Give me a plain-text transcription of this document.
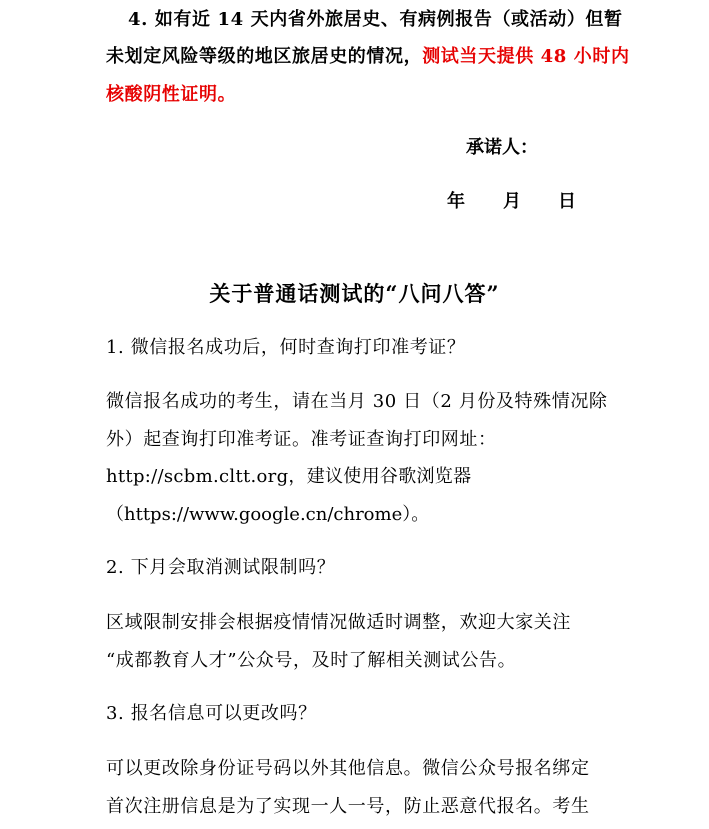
4. 如有近 14 天内省外旅居史、有病例报告（或活动）但暂
未划定风险等级的地区旅居史的情况，测试当天提供 48 小时内
核酸阴性证明。
承诺人：
年 月 日
关于普通话测试的“八问八答”
1. 微信报名成功后，何时查询打印准考证？
微信报名成功的考生，请在当月 30 日（2 月份及特殊情况除
外）起查询打印准考证。准考证查询打印网址：
http://scbm.cltt.org，建议使用谷歌浏览器
（https://www.google.cn/chrome）。
2. 下月会取消测试限制吗？
区域限制安排会根据疫情情况做适时调整，欢迎大家关注
“成都教育人才”公众号，及时了解相关测试公告。
3. 报名信息可以更改吗？
可以更改除身份证号码以外其他信息。微信公众号报名绑定
首次注册信息是为了实现一人一号，防止恶意代报名。考生
